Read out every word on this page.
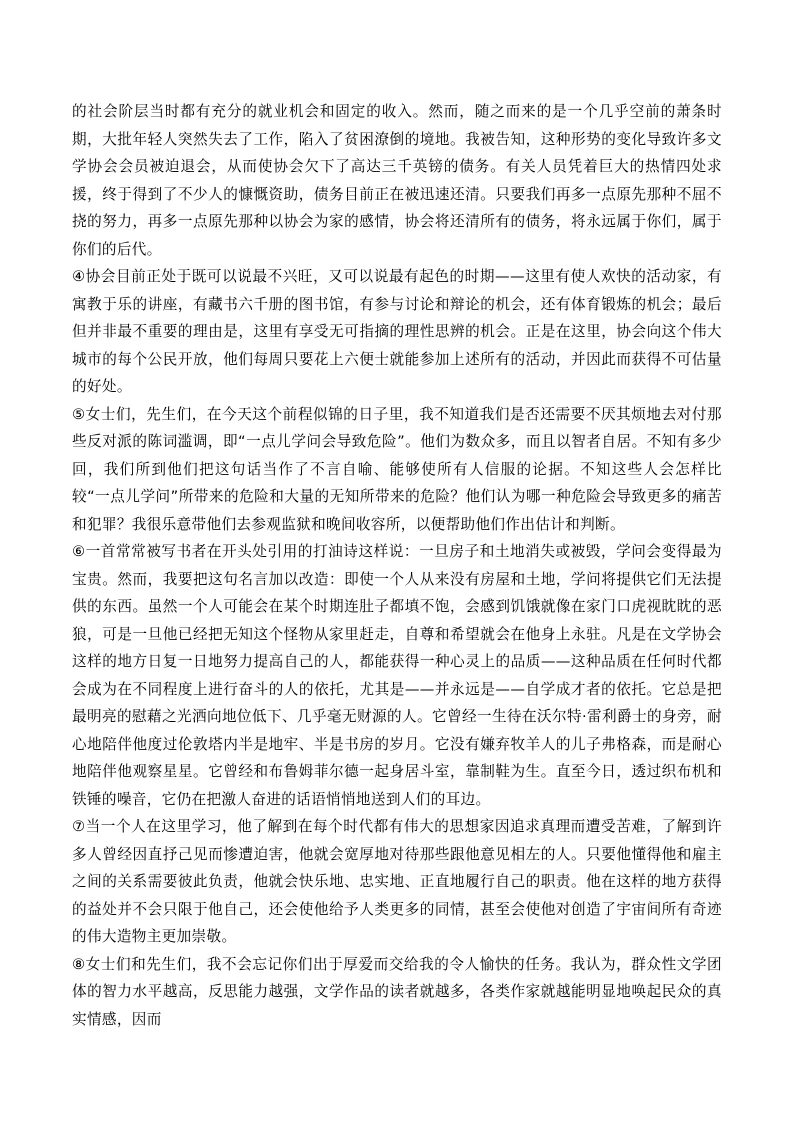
的社会阶层当时都有充分的就业机会和固定的收入。然而，随之而来的是一个几乎空前的萧条时期，大批年轻人突然失去了工作，陷入了贫困潦倒的境地。我被告知，这种形势的变化导致许多文学协会会员被迫退会，从而使协会欠下了高达三千英镑的债务。有关人员凭着巨大的热情四处求援，终于得到了不少人的慷慨资助，债务目前正在被迅速还清。只要我们再多一点原先那种不屈不挠的努力，再多一点原先那种以协会为家的感情，协会将还清所有的债务，将永远属于你们，属于你们的后代。

④协会目前正处于既可以说最不兴旺，又可以说最有起色的时期——这里有使人欢快的活动家，有寓教于乐的讲座，有藏书六千册的图书馆，有参与讨论和辩论的机会，还有体育锻炼的机会；最后但并非最不重要的理由是，这里有享受无可指摘的理性思辨的机会。正是在这里，协会向这个伟大城市的每个公民开放，他们每周只要花上六便士就能参加上述所有的活动，并因此而获得不可估量的好处。

⑤女士们，先生们，在今天这个前程似锦的日子里，我不知道我们是否还需要不厌其烦地去对付那些反对派的陈词滥调，即“一点儿学问会导致危险”。他们为数众多，而且以智者自居。不知有多少回，我们所到他们把这句话当作了不言自喻、能够使所有人信服的论据。不知这些人会怎样比较“一点儿学问”所带来的危险和大量的无知所带来的危险？他们认为哪一种危险会导致更多的痛苦和犯罪？我很乐意带他们去参观监狱和晚间收容所，以便帮助他们作出估计和判断。

⑥一首常常被写书者在开头处引用的打油诗这样说：一旦房子和土地消失或被毁，学问会变得最为宝贵。然而，我要把这句名言加以改造：即使一个人从来没有房屋和土地，学问将提供它们无法提供的东西。虽然一个人可能会在某个时期连肚子都填不饱，会感到饥饿就像在家门口虎视眈眈的恶狼，可是一旦他已经把无知这个怪物从家里赶走，自尊和希望就会在他身上永驻。凡是在文学协会这样的地方日复一日地努力提高自己的人，都能获得一种心灵上的品质——这种品质在任何时代都会成为在不同程度上进行奋斗的人的依托，尤其是——并永远是——自学成才者的依托。它总是把最明亮的慰藉之光洒向地位低下、几乎毫无财源的人。它曾经一生待在沃尔特·雷利爵士的身旁，耐心地陪伴他度过伦敦塔内半是地牢、半是书房的岁月。它没有嫌弃牧羊人的儿子弗格森，而是耐心地陪伴他观察星星。它曾经和布鲁姆菲尔德一起身居斗室，靠制鞋为生。直至今日，透过织布机和铁锤的噪音，它仍在把激人奋进的话语悄悄地送到人们的耳边。

⑦当一个人在这里学习，他了解到在每个时代都有伟大的思想家因追求真理而遭受苦难，了解到许多人曾经因直抒己见而惨遭迫害，他就会宽厚地对待那些跟他意见相左的人。只要他懂得他和雇主之间的关系需要彼此负责，他就会快乐地、忠实地、正直地履行自己的职责。他在这样的地方获得的益处并不会只限于他自己，还会使他给予人类更多的同情，甚至会使他对创造了宇宙间所有奇迹的伟大造物主更加崇敬。

⑧女士们和先生们，我不会忘记你们出于厚爱而交给我的令人愉快的任务。我认为，群众性文学团体的智力水平越高，反思能力越强，文学作品的读者就越多，各类作家就越能明显地唤起民众的真实情感，因而
